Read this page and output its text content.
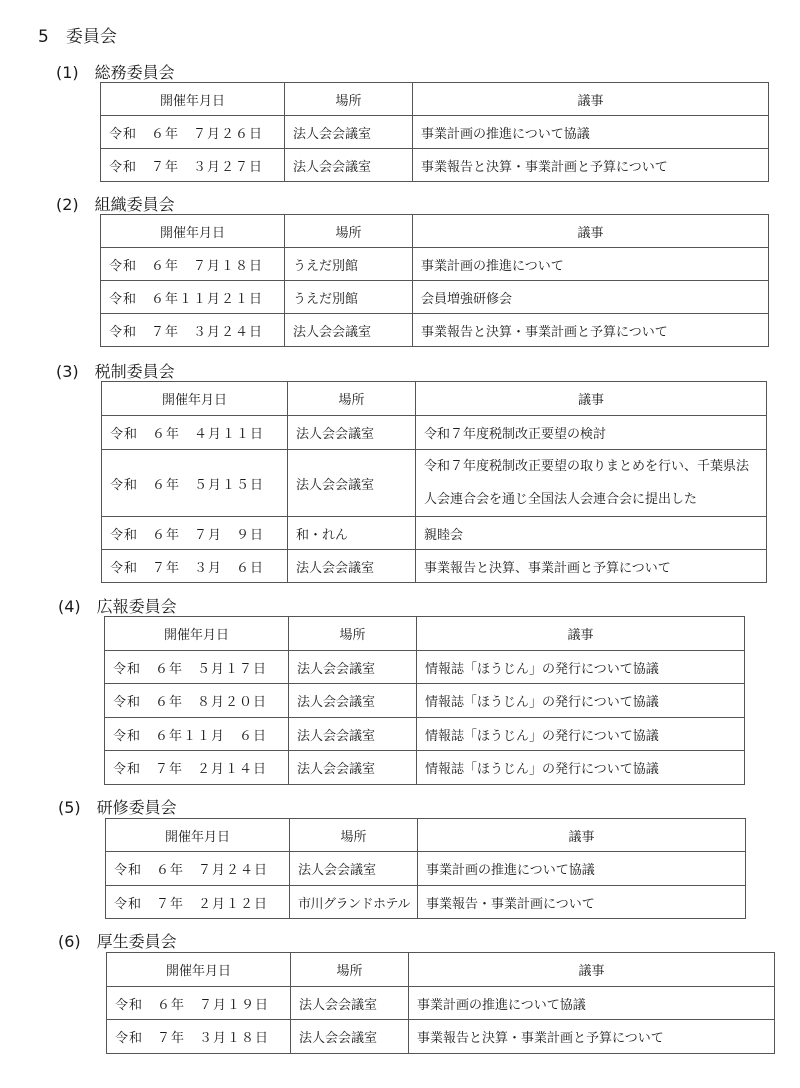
5　委員会
(1)　総務委員会
開催年月日	場所	議事
令和　６年　７月２６日	法人会会議室	事業計画の推進について協議
令和　７年　３月２７日	法人会会議室	事業報告と決算・事業計画と予算について
(2)　組織委員会
開催年月日	場所	議事
令和　６年　７月１８日	うえだ別館	事業計画の推進について
令和　６年１１月２１日	うえだ別館	会員増強研修会
令和　７年　３月２４日	法人会会議室	事業報告と決算・事業計画と予算について
(3)　税制委員会
開催年月日	場所	議事
令和　６年　４月１１日	法人会会議室	令和７年度税制改正要望の検討
令和　６年　５月１５日	法人会会議室	令和７年度税制改正要望の取りまとめを行い、千葉県法人会連合会を通じ全国法人会連合会に提出した
令和　６年　７月　９日	和・れん	親睦会
令和　７年　３月　６日	法人会会議室	事業報告と決算、事業計画と予算について
(4)　広報委員会
開催年月日	場所	議事
令和　６年　５月１７日	法人会会議室	情報誌「ほうじん」の発行について協議
令和　６年　８月２０日	法人会会議室	情報誌「ほうじん」の発行について協議
令和　６年１１月　６日	法人会会議室	情報誌「ほうじん」の発行について協議
令和　７年　２月１４日	法人会会議室	情報誌「ほうじん」の発行について協議
(5)　研修委員会
開催年月日	場所	議事
令和　６年　７月２４日	法人会会議室	事業計画の推進について協議
令和　７年　２月１２日	市川グランドホテル	事業報告・事業計画について
(6)　厚生委員会
開催年月日	場所	議事
令和　６年　７月１９日	法人会会議室	事業計画の推進について協議
令和　７年　３月１８日	法人会会議室	事業報告と決算・事業計画と予算について
